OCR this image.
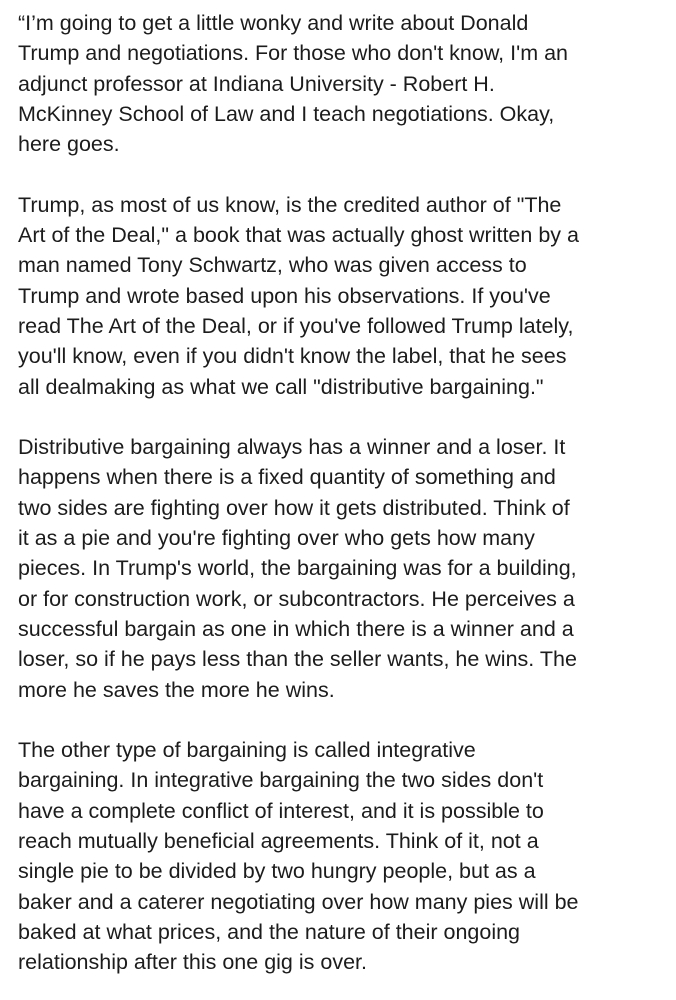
“I’m going to get a little wonky and write about Donald
Trump and negotiations. For those who don't know, I'm an
adjunct professor at Indiana University - Robert H.
McKinney School of Law and I teach negotiations. Okay,
here goes.

Trump, as most of us know, is the credited author of "The
Art of the Deal," a book that was actually ghost written by a
man named Tony Schwartz, who was given access to
Trump and wrote based upon his observations. If you've
read The Art of the Deal, or if you've followed Trump lately,
you'll know, even if you didn't know the label, that he sees
all dealmaking as what we call "distributive bargaining."

Distributive bargaining always has a winner and a loser. It
happens when there is a fixed quantity of something and
two sides are fighting over how it gets distributed. Think of
it as a pie and you're fighting over who gets how many
pieces. In Trump's world, the bargaining was for a building,
or for construction work, or subcontractors. He perceives a
successful bargain as one in which there is a winner and a
loser, so if he pays less than the seller wants, he wins. The
more he saves the more he wins.

The other type of bargaining is called integrative
bargaining. In integrative bargaining the two sides don't
have a complete conflict of interest, and it is possible to
reach mutually beneficial agreements. Think of it, not a
single pie to be divided by two hungry people, but as a
baker and a caterer negotiating over how many pies will be
baked at what prices, and the nature of their ongoing
relationship after this one gig is over.
